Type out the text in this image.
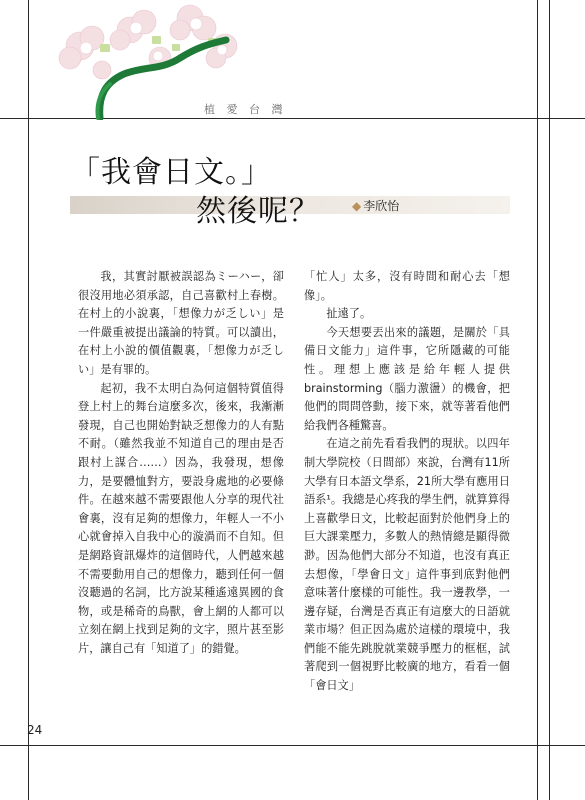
植 愛 台 灣
「我會日文。」
然後呢？	◆ 李欣怡

我，其實討厭被誤認為ミーハー，卻很沒用地必須承認，自己喜歡村上春樹。在村上的小說裏，「想像力が乏しい」是一件嚴重被提出議論的特質。可以讀出，在村上小說的價值觀裏，「想像力が乏しい」是有罪的。

起初，我不太明白為何這個特質值得登上村上的舞台這麼多次，後來，我漸漸發現，自己也開始對缺乏想像力的人有點不耐。（雖然我並不知道自己的理由是否跟村上謀合……）因為，我發現，想像力，是要體恤對方，要設身處地的必要條件。在越來越不需要跟他人分享的現代社會裏，沒有足夠的想像力，年輕人一不小心就會掉入自我中心的漩渦而不自知。但是網路資訊爆炸的這個時代，人們越來越不需要動用自己的想像力，聽到任何一個沒聽過的名詞，比方說某種遙遠異國的食物，或是稀奇的鳥獸，會上網的人都可以立刻在網上找到足夠的文字，照片甚至影片，讓自己有「知道了」的錯覺。

「忙人」太多，沒有時間和耐心去「想像」。

扯遠了。

今天想要丟出來的議題，是關於「具備日文能力」這件事，它所隱藏的可能性。理想上應該是給年輕人提供brainstorming（腦力激盪）的機會，把他們的問問啓動，接下來，就等著看他們給我們各種驚喜。

在這之前先看看我們的現狀。以四年制大學院校（日間部）來說，台灣有11所大學有日本語文學系，21所大學有應用日語系¹。我總是心疼我的學生們，就算算得上喜歡學日文，比較起面對於他們身上的巨大課業壓力，多數人的熱情總是顯得微渺。因為他們大部分不知道，也沒有真正去想像，「學會日文」這件事到底對他們意味著什麼樣的可能性。我一邊教學，一邊存疑，台灣是否真正有這麼大的日語就業市場？但正因為處於這樣的環境中，我們能不能先跳脫就業競爭壓力的框框，試著爬到一個視野比較廣的地方，看看一個「會日文」

24
